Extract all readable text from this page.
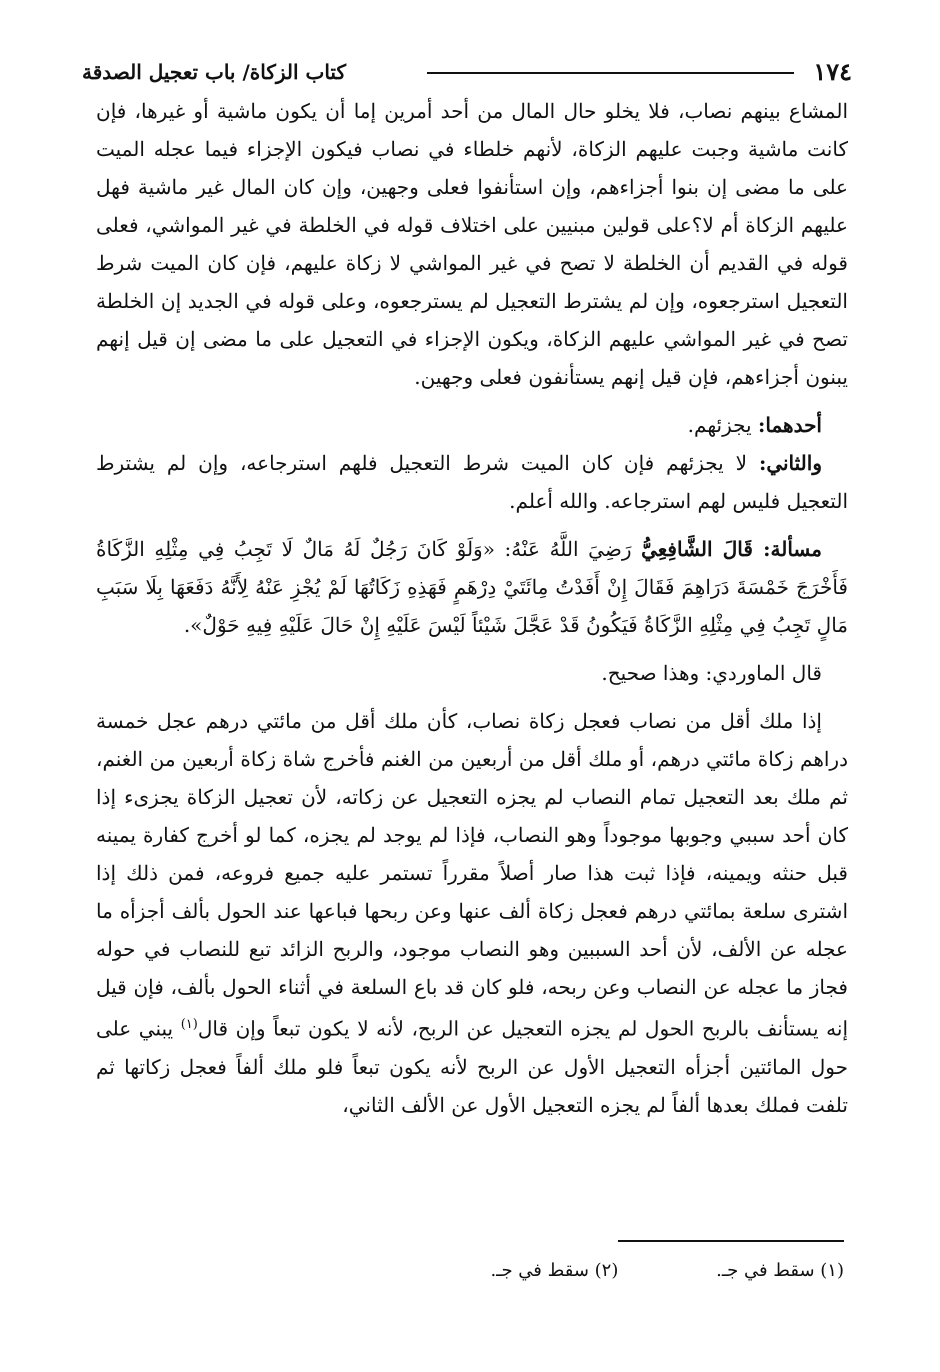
١٧٤
كتاب الزكاة/ باب تعجيل الصدقة

المشاع بينهم نصاب، فلا يخلو حال المال من أحد أمرين إما أن يكون ماشية أو غيرها، فإن كانت ماشية وجبت عليهم الزكاة، لأنهم خلطاء في نصاب فيكون الإجزاء فيما عجله الميت على ما مضى إن بنوا أجزاءهم، وإن استأنفوا فعلى وجهين، وإن كان المال غير ماشية فهل عليهم الزكاة أم لا؟على قولين مبنيين على اختلاف قوله في الخلطة في غير المواشي، فعلى قوله في القديم أن الخلطة لا تصح في غير المواشي لا زكاة عليهم، فإن كان الميت شرط التعجيل استرجعوه، وإن لم يشترط التعجيل لم يسترجعوه، وعلى قوله في الجديد إن الخلطة تصح في غير المواشي عليهم الزكاة، ويكون الإجزاء في التعجيل على ما مضى إن قيل إنهم يبنون أجزاءهم، فإن قيل إنهم يستأنفون فعلى وجهين.

أحدهما: يجزئهم.

والثاني: لا يجزئهم فإن كان الميت شرط التعجيل فلهم استرجاعه، وإن لم يشترط التعجيل فليس لهم استرجاعه. والله أعلم.

مسألة: قَالَ الشَّافِعِيُّ رَضِيَ اللَّهُ عَنْهُ: «وَلَوْ كَانَ رَجُلٌ لَهُ مَالٌ لَا تَجِبُ فِي مِثْلِهِ الزَّكَاةُ فَأَخْرَجَ خَمْسَةَ دَرَاهِمَ فَقَالَ إِنْ أَفَدْتُ مِائَتَيْ دِرْهَمٍ فَهَذِهِ زَكَاتُهَا لَمْ يُجْزِ عَنْهُ لِأَنَّهُ دَفَعَهَا بِلَا سَبَبِ مَالٍ تَجِبُ فِي مِثْلِهِ الزَّكَاةُ فَيَكُونُ قَدْ عَجَّلَ شَيْئاً لَيْسَ عَلَيْهِ إِنْ حَالَ عَلَيْهِ فِيهِ حَوْلٌ».

قال الماوردي: وهذا صحيح.

إذا ملك أقل من نصاب فعجل زكاة نصاب، كأن ملك أقل من مائتي درهم عجل خمسة دراهم زكاة مائتي درهم، أو ملك أقل من أربعين من الغنم فأخرج شاة زكاة أربعين من الغنم، ثم ملك بعد التعجيل تمام النصاب لم يجزه التعجيل عن زكاته، لأن تعجيل الزكاة يجزىء إذا كان أحد سببي وجوبها موجوداً وهو النصاب، فإذا لم يوجد لم يجزه، كما لو أخرج كفارة يمينه قبل حنثه ويمينه، فإذا ثبت هذا صار أصلاً مقرراً تستمر عليه جميع فروعه، فمن ذلك إذا اشترى سلعة بمائتي درهم فعجل زكاة ألف عنها وعن ربحها فباعها عند الحول بألف أجزأه ما عجله عن الألف، لأن أحد السببين وهو النصاب موجود، والربح الزائد تبع للنصاب في حوله فجاز ما عجله عن النصاب وعن ربحه، فلو كان قد باع السلعة في أثناء الحول بألف، فإن قيل إنه يستأنف بالربح الحول لم يجزه التعجيل عن الربح، لأنه لا يكون تبعاً وإن قال$^{(١)}$ يبني على حول المائتين أجزأه التعجيل الأول عن الربح لأنه يكون تبعاً فلو ملك ألفاً فعجل زكاتها ثم تلفت فملك بعدها ألفاً لم يجزه التعجيل الأول عن الألف الثاني،

(١) سقط في جـ. (٢) سقط في جـ.
